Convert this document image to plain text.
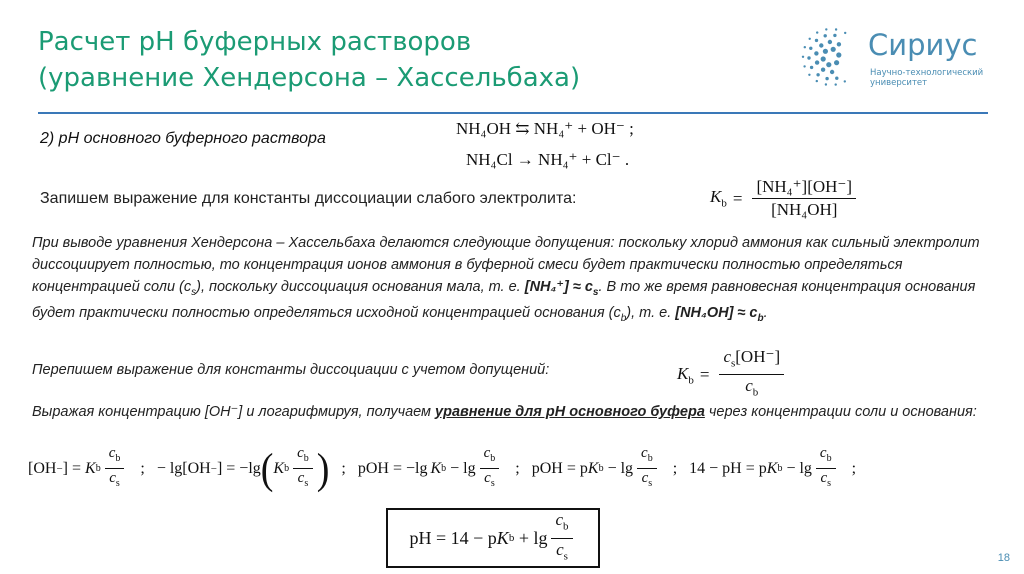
Расчет рН буферных растворов
(уравнение Хендерсона – Хассельбаха)
Сириус
Научно-технологический университет
2) рН основного буферного раствора
NH₄OH ⇆ NH₄⁺ + OH⁻ ;
NH₄Cl → NH₄⁺ + Cl⁻ .
Запишем выражение для константы диссоциации слабого электролита:	$K_b = \frac{\text{[NH₄⁺][OH⁻]}}{\text{[NH₄OH]}}$
При выводе уравнения Хендерсона – Хассельбаха делаются следующие допущения: поскольку хлорид аммония как сильный электролит диссоциирует полностью, то концентрация ионов аммония в буферной смеси будет практически полностью определяться концентрацией соли $(c_s)$, поскольку диссоциация основания мала, т. е. $[NH_4^+] \approx c_s$. В то же время равновесная концентрация основания будет практически полностью определяться исходной концентрацией основания $(c_b)$, т. е. $[NH_4OH] \approx c_b$.
Перепишем выражение для константы диссоциации с учетом допущений:	$K_b = \frac{c_s[OH^-]}{c_b}$
Выражая концентрацию [OH⁻] и логарифмируя, получаем уравнение для рН основного буфера через концентрации соли и основания:
[OH − ] = K b $\frac{c_b}{c_s}$ ; − lg[OH − ] = −lg ( K b $\frac{c_b}{c_s}$ ) ; pOH = −lg K $b - \lg \frac{c_b}{c_s}$ ; pOH = p K $b - \lg \frac{c_b}{c_s}$ ; 14 − pH = p K $b - \lg \frac{c_b}{c_s}$ ;
pH = 14 − p K $b + \lg \frac{c_b}{c_s}$	18
